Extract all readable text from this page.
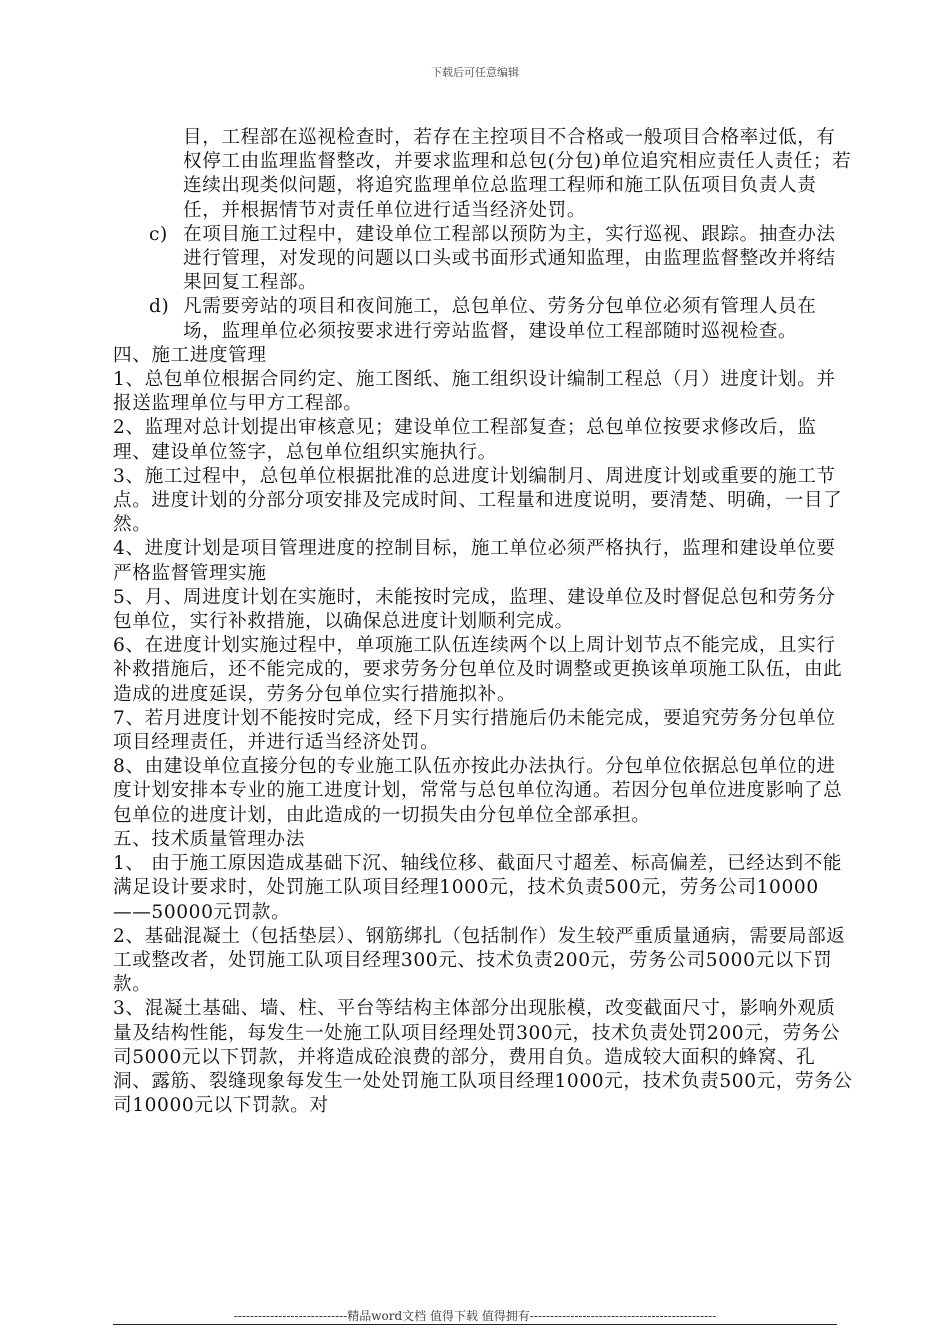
下载后可任意编辑

目，工程部在巡视检查时，若存在主控项目不合格或一般项目合格率过低，有权停工由监理监督整改，并要求监理和总包(分包)单位追究相应责任人责任；若连续出现类似问题，将追究监理单位总监理工程师和施工队伍项目负责人责任，并根据情节对责任单位进行适当经济处罚。

c) 在项目施工过程中，建设单位工程部以预防为主，实行巡视、跟踪。抽查办法进行管理，对发现的问题以口头或书面形式通知监理，由监理监督整改并将结果回复工程部。

d) 凡需要旁站的项目和夜间施工，总包单位、劳务分包单位必须有管理人员在场，监理单位必须按要求进行旁站监督，建设单位工程部随时巡视检查。

四、施工进度管理

1、总包单位根据合同约定、施工图纸、施工组织设计编制工程总（月）进度计划。并报送监理单位与甲方工程部。

2、监理对总计划提出审核意见；建设单位工程部复查；总包单位按要求修改后，监理、建设单位签字，总包单位组织实施执行。

3、施工过程中，总包单位根据批准的总进度计划编制月、周进度计划或重要的施工节点。进度计划的分部分项安排及完成时间、工程量和进度说明，要清楚、明确，一目了然。

4、进度计划是项目管理进度的控制目标，施工单位必须严格执行，监理和建设单位要严格监督管理实施

5、月、周进度计划在实施时，未能按时完成，监理、建设单位及时督促总包和劳务分包单位，实行补救措施，以确保总进度计划顺利完成。

6、在进度计划实施过程中，单项施工队伍连续两个以上周计划节点不能完成，且实行补救措施后，还不能完成的，要求劳务分包单位及时调整或更换该单项施工队伍，由此造成的进度延误，劳务分包单位实行措施拟补。

7、若月进度计划不能按时完成，经下月实行措施后仍未能完成，要追究劳务分包单位项目经理责任，并进行适当经济处罚。

8、由建设单位直接分包的专业施工队伍亦按此办法执行。分包单位依据总包单位的进度计划安排本专业的施工进度计划，常常与总包单位沟通。若因分包单位进度影响了总包单位的进度计划，由此造成的一切损失由分包单位全部承担。

五、技术质量管理办法

1、 由于施工原因造成基础下沉、轴线位移、截面尺寸超差、标高偏差，已经达到不能满足设计要求时，处罚施工队项目经理1000元，技术负责500元，劳务公司10000——50000元罚款。

2、基础混凝土（包括垫层）、钢筋绑扎（包括制作）发生较严重质量通病，需要局部返工或整改者，处罚施工队项目经理300元、技术负责200元，劳务公司5000元以下罚款。

3、混凝土基础、墙、柱、平台等结构主体部分出现胀模，改变截面尺寸，影响外观质量及结构性能，每发生一处施工队项目经理处罚300元，技术负责处罚200元，劳务公司5000元以下罚款，并将造成砼浪费的部分，费用自负。造成较大面积的蜂窝、孔洞、露筋、裂缝现象每发生一处处罚施工队项目经理1000元，技术负责500元，劳务公司10000元以下罚款。对

----------------------------精品word文档 值得下载 值得拥有----------------------------------------------
